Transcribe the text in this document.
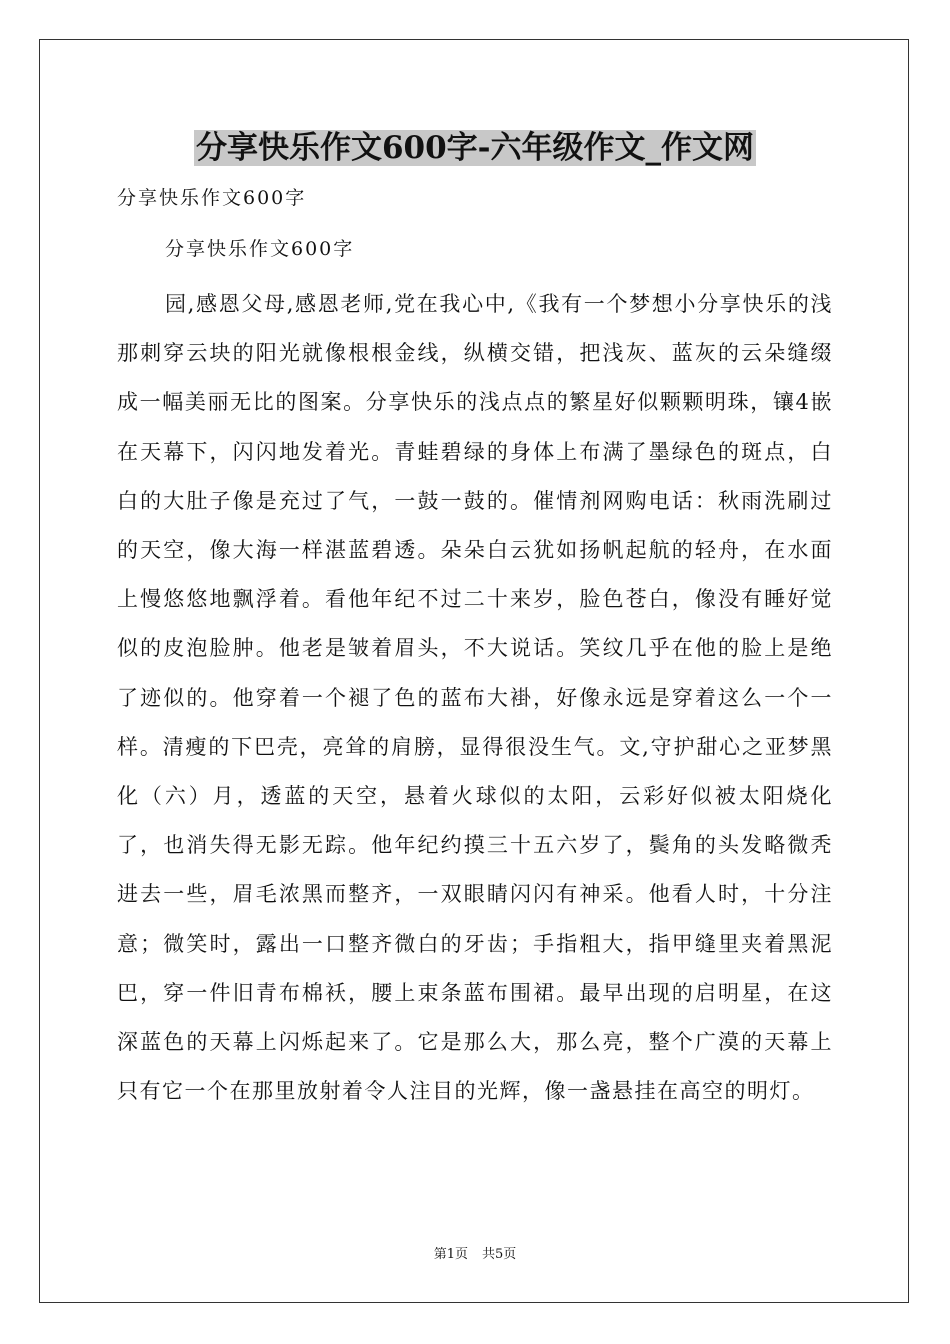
分享快乐作文600字-六年级作文_作文网
分享快乐作文600字
分享快乐作文600字

园,感恩父母,感恩老师,党在我心中,《我有一个梦想小分享快乐的浅那刺穿云块的阳光就像根根金线，纵横交错，把浅灰、蓝灰的云朵缝缀成一幅美丽无比的图案。分享快乐的浅点点的繁星好似颗颗明珠，镶4嵌在天幕下，闪闪地发着光。青蛙碧绿的身体上布满了墨绿色的斑点，白白的大肚子像是充过了气，一鼓一鼓的。催情剂网购电话：秋雨洗刷过的天空，像大海一样湛蓝碧透。朵朵白云犹如扬帆起航的轻舟，在水面上慢悠悠地飘浮着。看他年纪不过二十来岁，脸色苍白，像没有睡好觉似的皮泡脸肿。他老是皱着眉头，不大说话。笑纹几乎在他的脸上是绝了迹似的。他穿着一个褪了色的蓝布大褂，好像永远是穿着这么一个一样。清瘦的下巴壳，亮耸的肩膀，显得很没生气。文,守护甜心之亚梦黑化（六）月，透蓝的天空，悬着火球似的太阳，云彩好似被太阳烧化了，也消失得无影无踪。他年纪约摸三十五六岁了，鬓角的头发略微秃进去一些，眉毛浓黑而整齐，一双眼睛闪闪有神采。他看人时，十分注意；微笑时，露出一口整齐微白的牙齿；手指粗大，指甲缝里夹着黑泥巴，穿一件旧青布棉袄，腰上束条蓝布围裙。最早出现的启明星，在这深蓝色的天幕上闪烁起来了。它是那么大，那么亮，整个广漠的天幕上只有它一个在那里放射着令人注目的光辉，像一盏悬挂在高空的明灯。

第1页 共5页
